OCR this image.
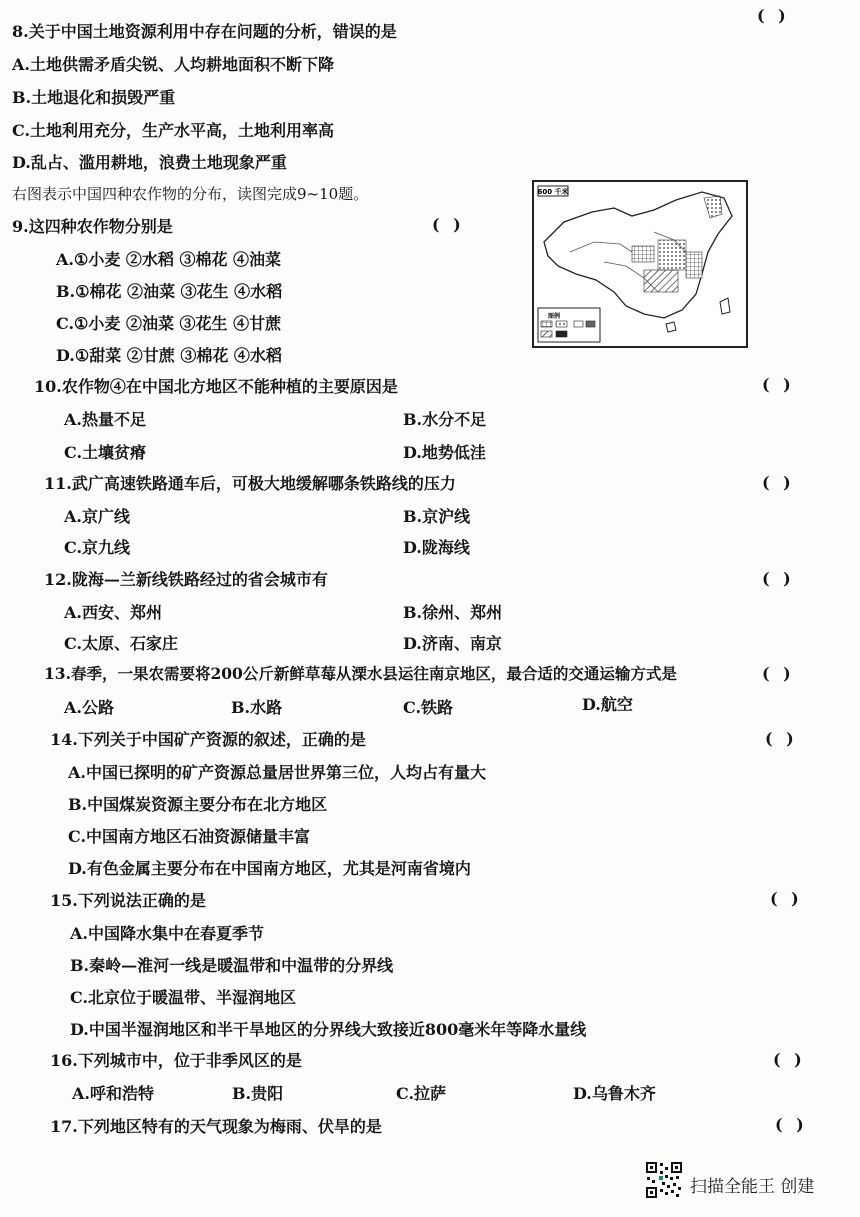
( )
8.关于中国土地资源利用中存在问题的分析，错误的是
A.土地供需矛盾尖锐、人均耕地面积不断下降
B.土地退化和损毁严重
C.土地利用充分，生产水平高，土地利用率高
D.乱占、滥用耕地，浪费土地现象严重
右图表示中国四种农作物的分布，读图完成9~10题。	600 千米
图例
( )
9.这四种农作物分别是
A.①小麦 ②水稻 ③棉花 ④油菜
B.①棉花 ②油菜 ③花生 ④水稻
C.①小麦 ②油菜 ③花生 ④甘蔗
D.①甜菜 ②甘蔗 ③棉花 ④水稻
10.农作物④在中国北方地区不能种植的主要原因是	( )
A.热量不足	B.水分不足
C.土壤贫瘠	D.地势低洼
11.武广高速铁路通车后，可极大地缓解哪条铁路线的压力	( )
A.京广线	B.京沪线
C.京九线	D.陇海线
12.陇海—兰新线铁路经过的省会城市有	( )
A.西安、郑州	B.徐州、郑州
C.太原、石家庄	D.济南、南京
13.春季，一果农需要将200公斤新鲜草莓从溧水县运往南京地区，最合适的交通运输方式是	( )
A.公路	B.水路	C.铁路	D.航空
14.下列关于中国矿产资源的叙述，正确的是	( )
A.中国已探明的矿产资源总量居世界第三位，人均占有量大
B.中国煤炭资源主要分布在北方地区
C.中国南方地区石油资源储量丰富
D.有色金属主要分布在中国南方地区，尤其是河南省境内
15.下列说法正确的是	( )
A.中国降水集中在春夏季节
B.秦岭—淮河一线是暖温带和中温带的分界线
C.北京位于暖温带、半湿润地区
D.中国半湿润地区和半干旱地区的分界线大致接近800毫米年等降水量线
16.下列城市中，位于非季风区的是	( )
A.呼和浩特	B.贵阳	C.拉萨	D.乌鲁木齐
17.下列地区特有的天气现象为梅雨、伏旱的是	( )
扫描全能王 创建
